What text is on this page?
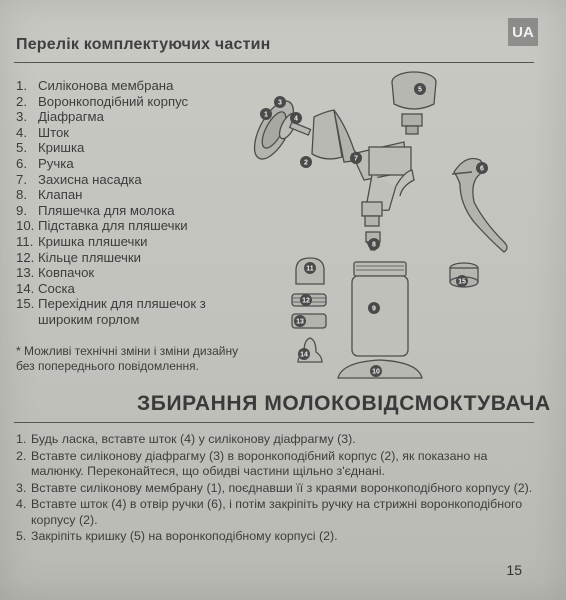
UA
Перелік комплектуючих частин
1. Силіконова мембрана
2. Воронкоподібний корпус
3. Діафрагма
4. Шток
5. Кришка
6. Ручка
7. Захисна насадка
8. Клапан
9. Пляшечка для молока
10. Підставка для пляшечки
11. Кришка пляшечки
12. Кільце пляшечки
13. Ковпачок
14. Соска
15. Перехідник для пляшечок з широким горлом
* Можливі технічні зміни і зміни дизайну без попереднього повідомлення.
1
2
3
4
5
6
7
8
9
10
11
12
13
14
15
ЗБИРАННЯ МОЛОКОВІДСМОКТУВАЧА
1. Будь ласка, вставте шток (4) у силіконову діафрагму (3).
2. Вставте силіконову діафрагму (3) в воронкоподібний корпус (2), як показано на малюнку. Переконайтеся, що обидві частини щільно з'єднані.
3. Вставте силіконову мембрану (1), поєднавши її з краями воронкоподібного корпусу (2).
4. Вставте шток (4) в отвір ручки (6), і потім закріпіть ручку на стрижні воронкоподібного корпусу (2).
5. Закріпіть кришку (5) на воронкоподібному корпусі (2).
15
